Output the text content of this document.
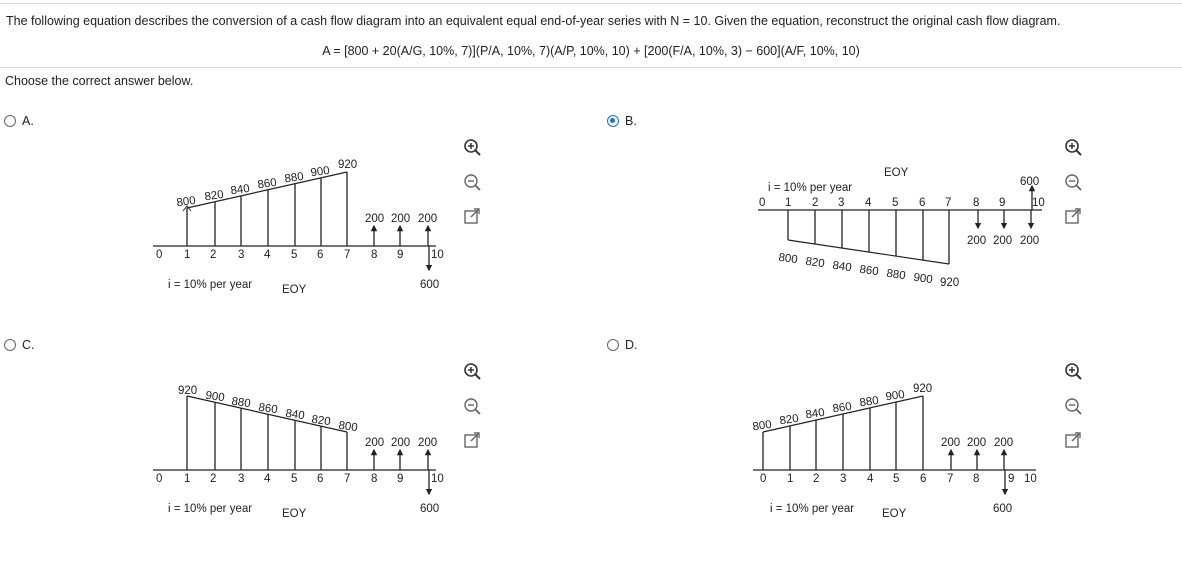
The following equation describes the conversion of a cash flow diagram into an equivalent equal end-of-year series with N = 10. Given the equation, reconstruct the original cash flow diagram.
A = [800 + 20(A/G, 10%, 7)](P/A, 10%, 7)(A/P, 10%, 10) + [200(F/A, 10%, 3) − 600](A/F, 10%, 10)
Choose the correct answer below.
A.	B.
C.	D.
800 820 840 860 880 900 920
200 200 200
0 1 2 3 4 5 6 7 8 9 10
i = 10% per year	EOY	600
EOY
i = 10% per year	600
0 1 2 3 4 5 6 7 8 9 10
200 200 200
800 820 840 860 880 900 920
920 900 880 860 840 820 800
200 200 200
0 1 2 3 4 5 6 7 8 9 10
i = 10% per year	EOY	600
800 820 840 860 880 900 920
200 200 200
0 1 2 3 4 5 6 7 8 9 10
i = 10% per year EOY	600
